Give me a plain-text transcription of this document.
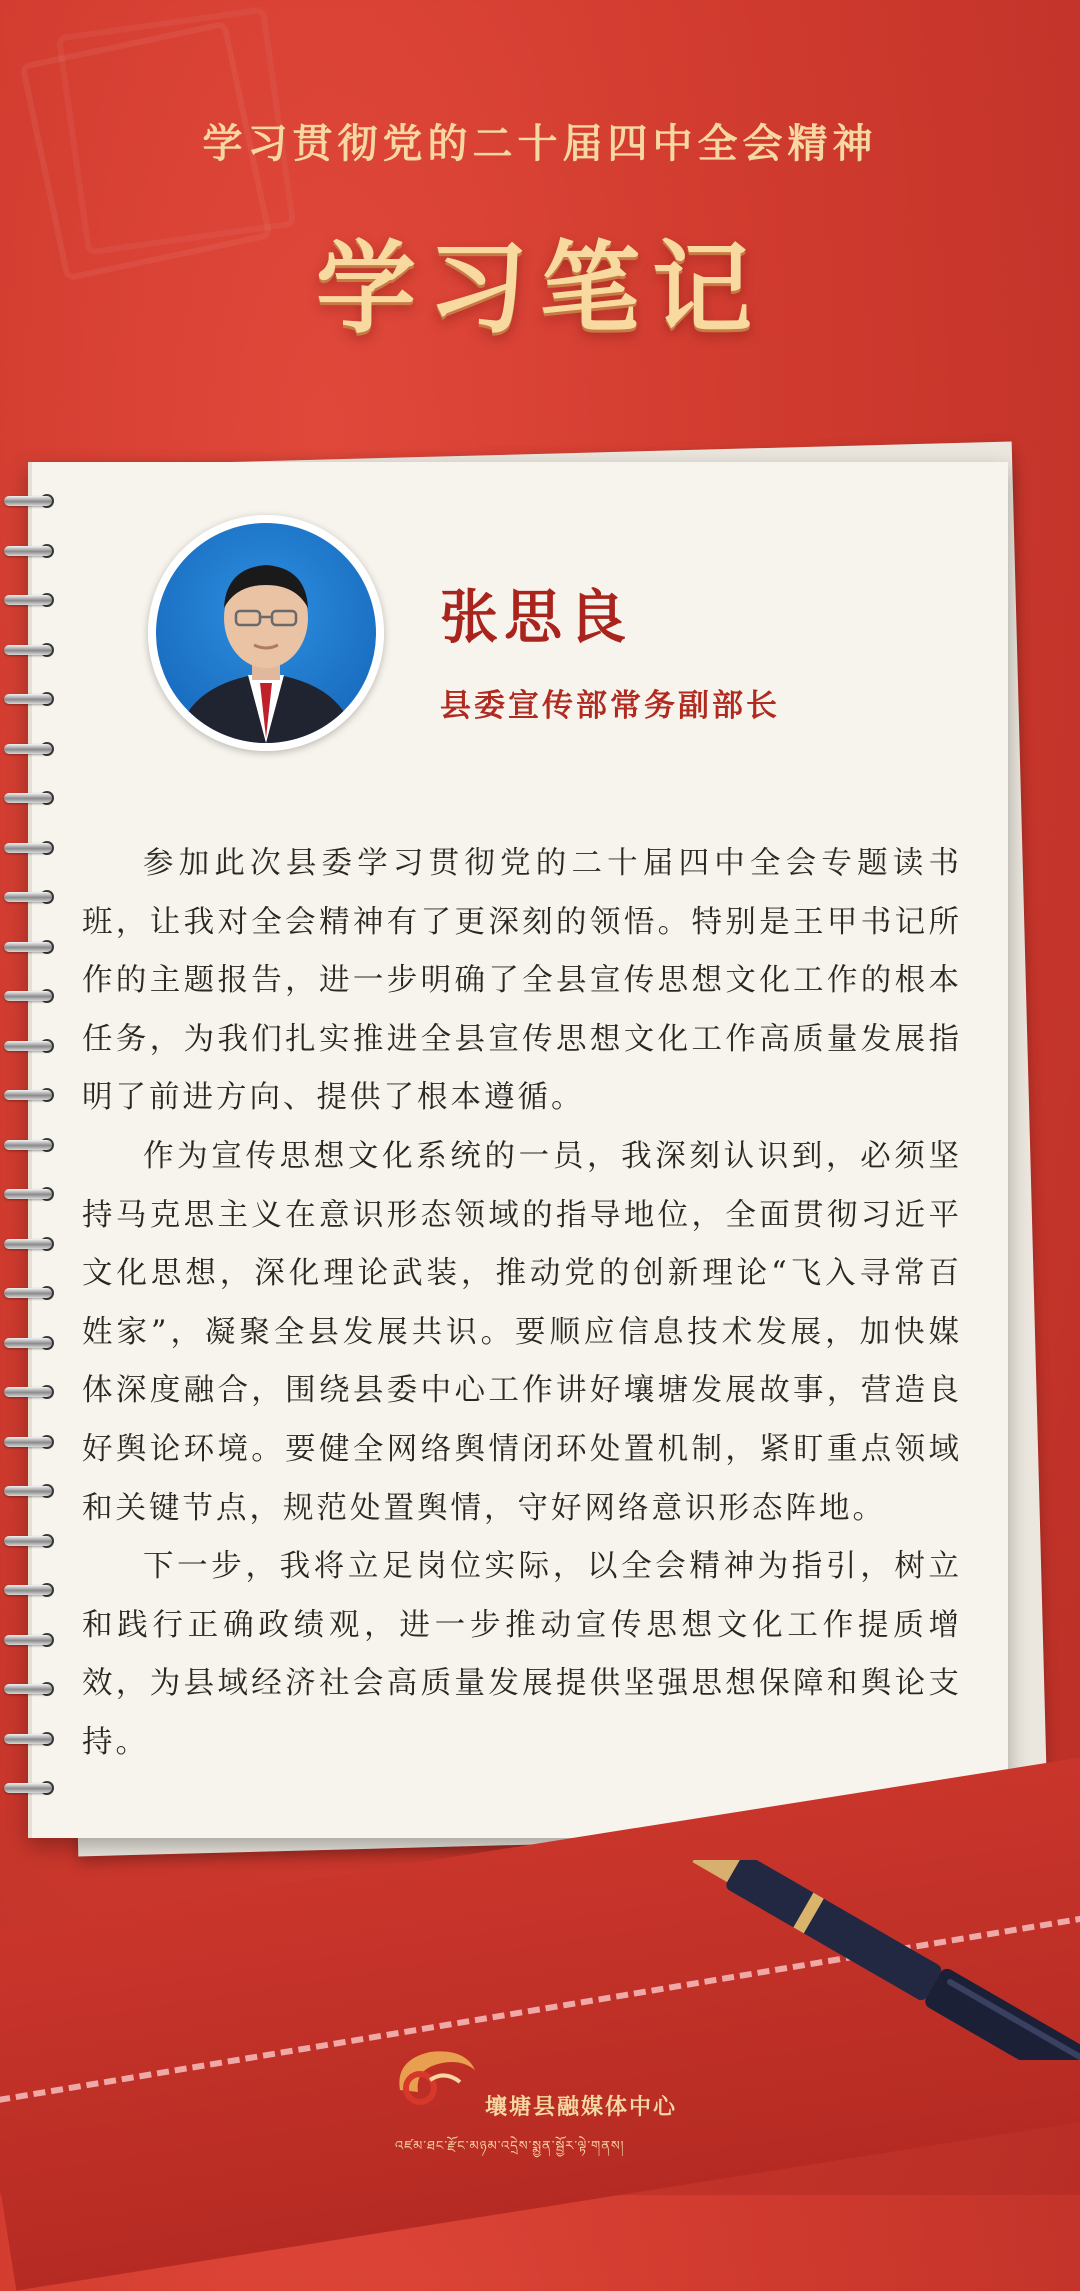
学习贯彻党的二十届四中全会精神
学习笔记
张思良
县委宣传部常务副部长

参加此次县委学习贯彻党的二十届四中全会专题读书班，让我对全会精神有了更深刻的领悟。特别是王甲书记所作的主题报告，进一步明确了全县宣传思想文化工作的根本任务，为我们扎实推进全县宣传思想文化工作高质量发展指明了前进方向、提供了根本遵循。

作为宣传思想文化系统的一员，我深刻认识到，必须坚持马克思主义在意识形态领域的指导地位，全面贯彻习近平文化思想，深化理论武装，推动党的创新理论“飞入寻常百姓家”，凝聚全县发展共识。要顺应信息技术发展，加快媒体深度融合，围绕县委中心工作讲好壤塘发展故事，营造良好舆论环境。要健全网络舆情闭环处置机制，紧盯重点领域和关键节点，规范处置舆情，守好网络意识形态阵地。

下一步，我将立足岗位实际，以全会精神为指引，树立和践行正确政绩观，进一步推动宣传思想文化工作提质增效，为县域经济社会高质量发展提供坚强思想保障和舆论支持。

壤塘县融媒体中心
འཛམ་ཐང་རྫོང་མཉམ་འདྲེས་སྨྱན་སྦྱོར་ལྟེ་གནས།
